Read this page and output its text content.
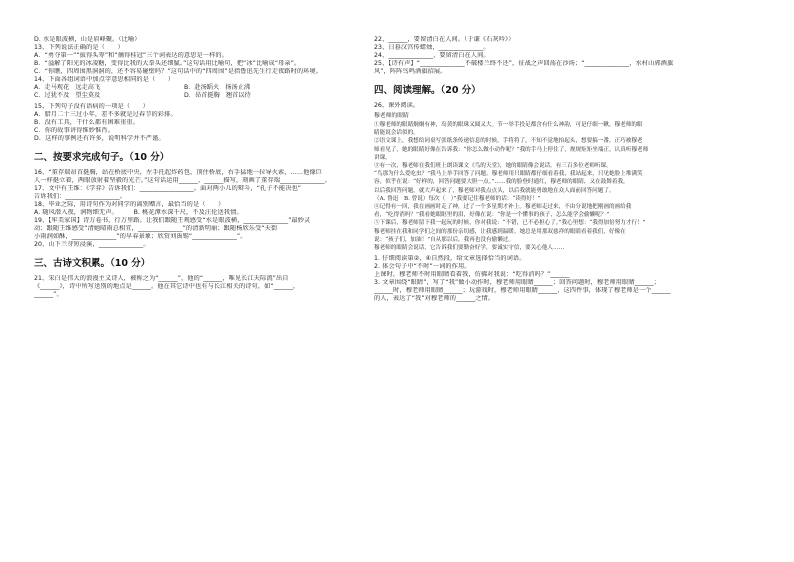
D. 水是眼波横，山是眉峰聚。（比喻）
13、下列说法正确的是（　　）
A．“勇夺第一”“拔得头筹”和“摘得桂冠”三个词表达的意思是一样的。
B．“溢解了阳光的冰凌糖，变得比我的大拳头还细腻。”这句话用比喻句，把“冰”比喻成“母亲”。
C．“你瞧，四周围黑洞洞的，还不容易碰壁吗？”这句话中的“四周围”是指鲁迅先生行走夜路时的环境。
14、下面各组词语中加点字意思相同的是（　　）
A．走马观花　远走高飞	B．赴汤蹈火　扬汤止沸
C．过犹不及　望尘莫及	D．昂首挺胸　翘首以待
15、下列句子没有语病的一项是（　　）
A．腊月二十三过小年，差不多就是过春节的彩排。
B．没有工具，干什么都有困难重重。
C．你的故事讲得惟妙惟肖。
D．这样的事例还有许多，说明科学并不严谨。
二、按要求完成句子。（10 分）
16、“董存瑞昂首挺胸，站在桥底中央，左手托起炸药包，顶住桥底，右手猛地一拉导火索，……他像巨
人一样挺立着，两眼放射着坚毅的光芒。”这句话运用______、______描写，刻画了董存瑞______________。
17、文中有王维：《学弈》告诉我们：_________________。面对两小儿的辩斗，“孔子不能决也”
告诉我们：_________________。
18、毕业之际，用诗句作为对同学的离别赠言，最恰当的是（　　）
A. 随风潜入夜，润物细无声。　　　B. 桃花潭水深千尺，不及汪伦送我情。
19、【牢美家国】诗万卷书，行万里路。让我们跟随王观感受“水是眼波横，______________”最妙灵
动；跟随王维感受“清她晴雨总相宜，______________”的清新明丽；跟随杨欣乐受“天街
小雨润如酥，______________”的早春景象；欣赏刘禹锡“______________”。
20、山下兰芽短浸溪，______________。
三、古诗文积累。（10 分）
21、宋白是伟大的浪漫主义诗人，被称之为“______”，他的“______，唯见长江天际流”出自
《______》，诗中所写送别的地点是______。他在其它诗中也有与长江相关的诗句，如“______，
______”。
22、______，要留清白在人间。（于谦《石灰吟》）
23、日暮汉宫传蜡烛，______________。
24、______________，要留清白在人间。
25、【诗有声】“______________不破楼兰终不还”，征战之声回荡在沙场；“______________，水村山郭酒旗
风”，阵阵鸟鸣酒旗招展。
四、阅读理解。（20 分）
26、课外阅读。
穆老师的眼睛
①穆老师的眼睛炯炯有神，岛黄的眼珠又圆又大。节一举手投足都含有什么神韵，可是仔细一瞅，穆老师的眼
睛能说会话似的。
②语文课上，我想给同桌写张纸条传递信息的时候，手将将了，不知不觉地抬起头，想要搞一番，正巧被穆老
师看见了，她的眼睛好像在告诉我：“你怎么做小动作呢？”我的手马上停住了，规规矩矩坐端正，认真听穆老师
讲课。
③有一次，穆老师在我们班上朗读课文《鸟的天堂》，她的眼睛像会说话。有三百多位老师听课。
“鸟那为什么爱吃虫？”我马上举手回答了问题。穆老师用只眼睛都仔细看着我，我站起来，只见她脸上堆满笑
容，似乎在说：“好样的，回答问题要大胆一点。”……我的脸登时通红，穆老师的眼睛，又在鼓舞着我，
以后我回答问题，就大声起来了，穆老师对我点点头，以后我就能勇敢地在众人面前回答问题了。
（A. 鲁迅　B. 曾说）每次（　）”我要记住穆老师的话：“读得好！”
④记得有一回，我在画画时走了神，过了一个多星期才补上。穆老师走过来，不由分说地把刚画的画给我
看，“吃得消吗？”我看她眼眶里的泪，好像在说：“你是一个懂事的孩子，怎么能学会偷懒呢？”
⑤下课后，穆老师留下我一起玩的时候，你对我说：“不错，已不必担心了。”我心里想：“我得加倍努力才行！”
穆老师挂在我和同学们之间的那份亲切感，让我感到温暖。她总是用那双慈祥的眼睛看着我们，好像在
说：“孩子们，加油！”自从那以后，我再也没有偷懒过。
穆老师的眼睛会说话，它告诉我们要勤奋好学，要诚实守信，要关心他人……
1. 仔细阅读第②、④自然段，给文章选择恰当的词语。
2. 体会句子中“不时”一词的作用。
上课时，穆老师不时用眼睛看着我，仿佛对我说：“吃得消吗？”______
3. 文章围绕“眼睛”，写了“我”做小动作时，穆老师用眼睛______；回答问题时，穆老师用眼睛______；
______时，穆老师用眼睛______；玩游戏时，穆老师用眼睛______，这四件事，体现了穆老师是一个______
的人，表达了“我”对穆老师的______之情。
